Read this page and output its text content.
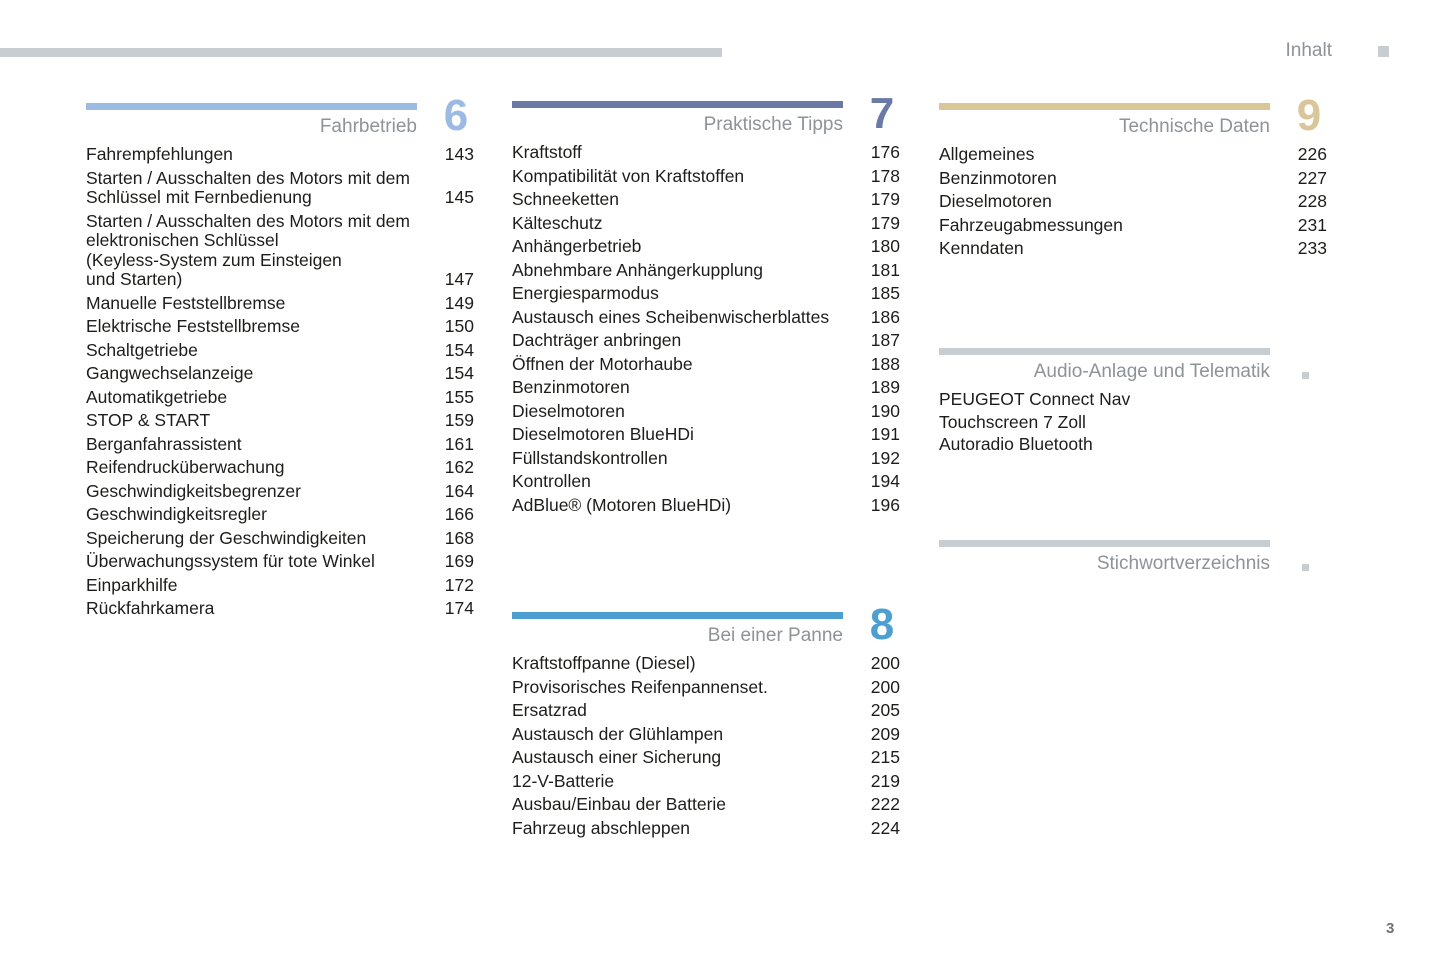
Inhalt
Fahrbetrieb 6
Fahrempfehlungen	143
Starten / Ausschalten des Motors mit dem
Schlüssel mit Fernbedienung	145
Starten / Ausschalten des Motors mit dem
elektronischen Schlüssel
(Keyless-System zum Einsteigen
und Starten)	147
Manuelle Feststellbremse	149
Elektrische Feststellbremse	150
Schaltgetriebe	154
Gangwechselanzeige	154
Automatikgetriebe	155
STOP & START	159
Berganfahrassistent	161
Reifendrucküberwachung	162
Geschwindigkeitsbegrenzer	164
Geschwindigkeitsregler	166
Speicherung der Geschwindigkeiten	168
Überwachungssystem für tote Winkel	169
Einparkhilfe	172
Rückfahrkamera	174
Praktische Tipps 7
Kraftstoff	176
Kompatibilität von Kraftstoffen	178
Schneeketten	179
Kälteschutz	179
Anhängerbetrieb	180
Abnehmbare Anhängerkupplung	181
Energiesparmodus	185
Austausch eines Scheibenwischerblattes 186
Dachträger anbringen	187
Öffnen der Motorhaube	188
Benzinmotoren	189
Dieselmotoren	190
Dieselmotoren BlueHDi	191
Füllstandskontrollen	192
Kontrollen	194
AdBlue® (Motoren BlueHDi)	196
Bei einer Panne 8
Kraftstoffpanne (Diesel)	200
Provisorisches Reifenpannenset.	200
Ersatzrad	205
Austausch der Glühlampen	209
Austausch einer Sicherung	215
12-V-Batterie	219
Ausbau/Einbau der Batterie	222
Fahrzeug abschleppen	224
Technische Daten 9
Allgemeines	226
Benzinmotoren	227
Dieselmotoren	228
Fahrzeugabmessungen	231
Kenndaten	233
Audio-Anlage und Telematik
PEUGEOT Connect Nav
Touchscreen 7 Zoll
Autoradio Bluetooth
Stichwortverzeichnis
3
